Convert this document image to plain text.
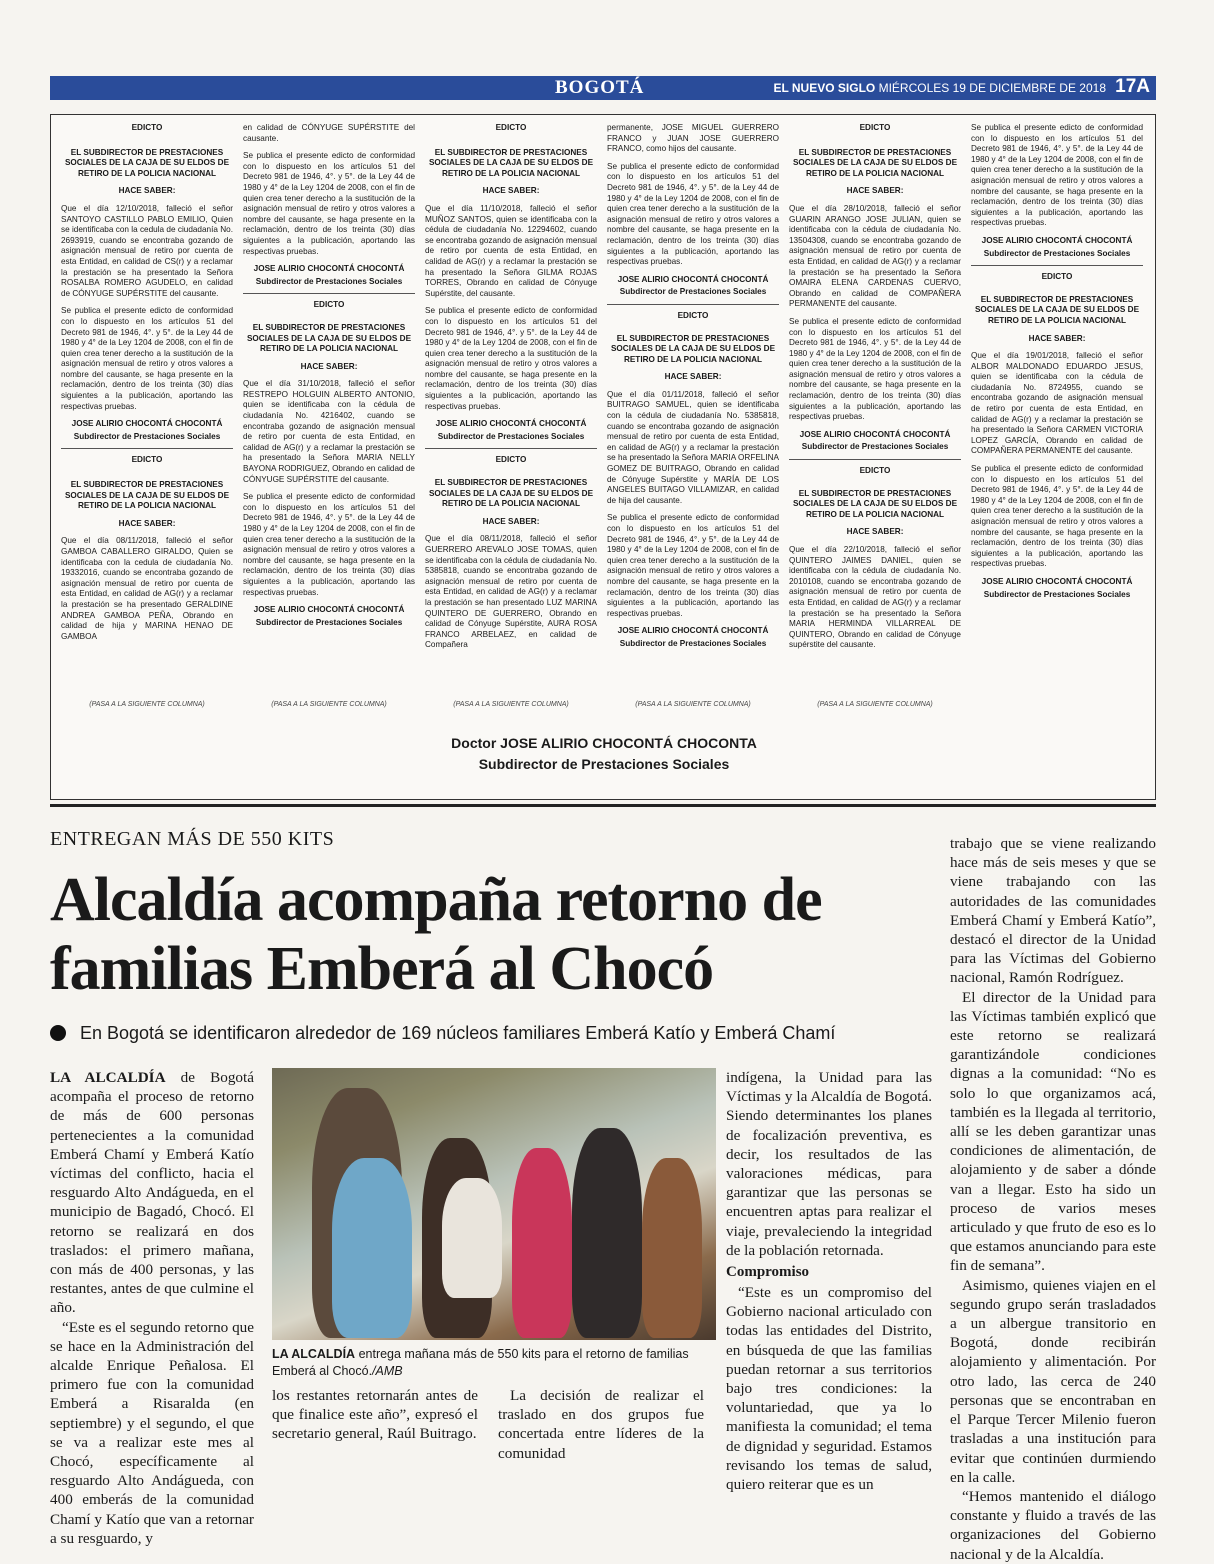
BOGOTÁ	EL NUEVO SIGLO MIÉRCOLES 19 DE DICIEMBRE DE 2018 17A
EDICTO

EL SUBDIRECTOR DE PRESTACIONES SOCIALES DE LA CAJA DE SU ELDOS DE RETIRO DE LA POLICIA NACIONAL

HACE SABER:

Que el día 12/10/2018, falleció el señor SANTOYO CASTILLO PABLO EMILIO, Quien se identificaba con la cedula de ciudadanía No. 2693919, cuando se encontraba gozando de asignación mensual de retiro por cuenta de esta Entidad, en calidad de CS(r) y a reclamar la prestación se ha presentado la Señora ROSALBA ROMERO AGUDELO, en calidad de CÓNYUGE SUPÉRSTITE del causante.

Se publica el presente edicto de conformidad con lo dispuesto en los artículos 51 del Decreto 981 de 1946, 4°. y 5°. de la Ley 44 de 1980 y 4° de la Ley 1204 de 2008, con el fin de quien crea tener derecho a la sustitución de la asignación mensual de retiro y otros valores a nombre del causante, se haga presente en la reclamación, dentro de los treinta (30) días siguientes a la publicación, aportando las respectivas pruebas.

JOSE ALIRIO CHOCONTÁ CHOCONTÁ
Subdirector de Prestaciones Sociales
EDICTO

EL SUBDIRECTOR DE PRESTACIONES SOCIALES DE LA CAJA DE SU ELDOS DE RETIRO DE LA POLICIA NACIONAL

HACE SABER:

Que el día 08/11/2018, falleció el señor GAMBOA CABALLERO GIRALDO, Quien se identificaba con la cedula de ciudadanía No. 19332016, cuando se encontraba gozando de asignación mensual de retiro por cuenta de esta Entidad, en calidad de AG(r) y a reclamar la prestación se ha presentado GERALDINE ANDREA GAMBOA PEÑA, Obrando en calidad de hija y MARINA HENAO DE GAMBOA

(PASA A LA SIGUIENTE COLUMNA)

en calidad de CÓNYUGE SUPÉRSTITE del causante.

Se publica el presente edicto de conformidad con lo dispuesto en los artículos 51 del Decreto 981 de 1946, 4°. y 5°. de la Ley 44 de 1980 y 4° de la Ley 1204 de 2008, con el fin de quien crea tener derecho a la sustitución de la asignación mensual de retiro y otros valores a nombre del causante, se haga presente en la reclamación, dentro de los treinta (30) días siguientes a la publicación, aportando las respectivas pruebas.

JOSE ALIRIO CHOCONTÁ CHOCONTÁ
Subdirector de Prestaciones Sociales
EDICTO

EL SUBDIRECTOR DE PRESTACIONES SOCIALES DE LA CAJA DE SU ELDOS DE RETIRO DE LA POLICIA NACIONAL

HACE SABER:

Que el día 31/10/2018, falleció el señor RESTREPO HOLGUIN ALBERTO ANTONIO, quien se identificaba con la cédula de ciudadanía No. 4216402, cuando se encontraba gozando de asignación mensual de retiro por cuenta de esta Entidad, en calidad de AG(r) y a reclamar la prestación se ha presentado la Señora MARIA NELLY BAYONA RODRIGUEZ, Obrando en calidad de CÓNYUGE SUPÉRSTITE del causante.

Se publica el presente edicto de conformidad con lo dispuesto en los artículos 51 del Decreto 981 de 1946, 4°. y 5°. de la Ley 44 de 1980 y 4° de la Ley 1204 de 2008, con el fin de quien crea tener derecho a la sustitución de la asignación mensual de retiro y otros valores a nombre del causante, se haga presente en la reclamación, dentro de los treinta (30) días siguientes a la publicación, aportando las respectivas pruebas.

JOSE ALIRIO CHOCONTÁ CHOCONTÁ
Subdirector de Prestaciones Sociales
(PASA A LA SIGUIENTE COLUMNA)
EDICTO

EL SUBDIRECTOR DE PRESTACIONES SOCIALES DE LA CAJA DE SU ELDOS DE RETIRO DE LA POLICIA NACIONAL

HACE SABER:

Que el día 11/10/2018, falleció el señor MUÑOZ SANTOS, quien se identificaba con la cédula de ciudadanía No. 12294602, cuando se encontraba gozando de asignación mensual de retiro por cuenta de esta Entidad, en calidad de AG(r) y a reclamar la prestación se ha presentado la Señora GILMA ROJAS TORRES, Obrando en calidad de Cónyuge Supérstite, del causante.

Se publica el presente edicto de conformidad con lo dispuesto en los artículos 51 del Decreto 981 de 1946, 4°. y 5°. de la Ley 44 de 1980 y 4° de la Ley 1204 de 2008, con el fin de quien crea tener derecho a la sustitución de la asignación mensual de retiro y otros valores a nombre del causante, se haga presente en la reclamación, dentro de los treinta (30) días siguientes a la publicación, aportando las respectivas pruebas.

JOSE ALIRIO CHOCONTÁ CHOCONTÁ
Subdirector de Prestaciones Sociales
EDICTO

EL SUBDIRECTOR DE PRESTACIONES SOCIALES DE LA CAJA DE SU ELDOS DE RETIRO DE LA POLICIA NACIONAL

HACE SABER:

Que el día 08/11/2018, falleció el señor GUERRERO AREVALO JOSE TOMAS, quien se identificaba con la cédula de ciudadanía No. 5385818, cuando se encontraba gozando de asignación mensual de retiro por cuenta de esta Entidad, en calidad de AG(r) y a reclamar la prestación se han presentado LUZ MARINA QUINTERO DE GUERRERO, Obrando en calidad de Cónyuge Supérstite, AURA ROSA FRANCO ARBELAEZ, en calidad de Compañera

(PASA A LA SIGUIENTE COLUMNA)

permanente, JOSE MIGUEL GUERRERO FRANCO y JUAN JOSE GUERRERO FRANCO, como hijos del causante.

Se publica el presente edicto de conformidad con lo dispuesto en los artículos 51 del Decreto 981 de 1946, 4°. y 5°. de la Ley 44 de 1980 y 4° de la Ley 1204 de 2008, con el fin de quien crea tener derecho a la sustitución de la asignación mensual de retiro y otros valores a nombre del causante, se haga presente en la reclamación, dentro de los treinta (30) días siguientes a la publicación, aportando las respectivas pruebas.

JOSE ALIRIO CHOCONTÁ CHOCONTÁ
Subdirector de Prestaciones Sociales
EDICTO

EL SUBDIRECTOR DE PRESTACIONES SOCIALES DE LA CAJA DE SU ELDOS DE RETIRO DE LA POLICIA NACIONAL

HACE SABER:

Que el día 01/11/2018, falleció el señor BUITRAGO SAMUEL, quien se identificaba con la cédula de ciudadanía No. 5385818, cuando se encontraba gozando de asignación mensual de retiro por cuenta de esta Entidad, en calidad de AG(r) y a reclamar la prestación se ha presentado la Señora MARIA ORFELINA GOMEZ DE BUITRAGO, Obrando en calidad de Cónyuge Supérstite y MARÍA DE LOS ANGELES BUITAGO VILLAMIZAR, en calidad de hija del causante.

Se publica el presente edicto de conformidad con lo dispuesto en los artículos 51 del Decreto 981 de 1946, 4°. y 5°. de la Ley 44 de 1980 y 4° de la Ley 1204 de 2008, con el fin de quien crea tener derecho a la sustitución de la asignación mensual de retiro y otros valores a nombre del causante, se haga presente en la reclamación, dentro de los treinta (30) días siguientes a la publicación, aportando las respectivas pruebas.

JOSE ALIRIO CHOCONTÁ CHOCONTÁ
Subdirector de Prestaciones Sociales
(PASA A LA SIGUIENTE COLUMNA)
EDICTO

EL SUBDIRECTOR DE PRESTACIONES SOCIALES DE LA CAJA DE SU ELDOS DE RETIRO DE LA POLICIA NACIONAL

HACE SABER:

Que el día 28/10/2018, falleció el señor GUARIN ARANGO JOSE JULIAN, quien se identificaba con la cédula de ciudadanía No. 13504308, cuando se encontraba gozando de asignación mensual de retiro por cuenta de esta Entidad, en calidad de AG(r) y a reclamar la prestación se ha presentado la Señora OMAIRA ELENA CARDENAS CUERVO, Obrando en calidad de COMPAÑERA PERMANENTE del causante.

Se publica el presente edicto de conformidad con lo dispuesto en los artículos 51 del Decreto 981 de 1946, 4°. y 5°. de la Ley 44 de 1980 y 4° de la Ley 1204 de 2008, con el fin de quien crea tener derecho a la sustitución de la asignación mensual de retiro y otros valores a nombre del causante, se haga presente en la reclamación, dentro de los treinta (30) días siguientes a la publicación, aportando las respectivas pruebas.

JOSE ALIRIO CHOCONTÁ CHOCONTÁ
Subdirector de Prestaciones Sociales
EDICTO

EL SUBDIRECTOR DE PRESTACIONES SOCIALES DE LA CAJA DE SU ELDOS DE RETIRO DE LA POLICIA NACIONAL

HACE SABER:

Que el día 22/10/2018, falleció el señor QUINTERO JAIMES DANIEL, quien se identificaba con la cédula de ciudadanía No. 2010108, cuando se encontraba gozando de asignación mensual de retiro por cuenta de esta Entidad, en calidad de AG(r) y a reclamar la prestación se ha presentado la Señora MARIA HERMINDA VILLARREAL DE QUINTERO, Obrando en calidad de Cónyuge supérstite del causante.

(PASA A LA SIGUIENTE COLUMNA)

Se publica el presente edicto de conformidad con lo dispuesto en los artículos 51 del Decreto 981 de 1946, 4°. y 5°. de la Ley 44 de 1980 y 4° de la Ley 1204 de 2008, con el fin de quien crea tener derecho a la sustitución de la asignación mensual de retiro y otros valores a nombre del causante, se haga presente en la reclamación, dentro de los treinta (30) días siguientes a la publicación, aportando las respectivas pruebas.

JOSE ALIRIO CHOCONTÁ CHOCONTÁ
Subdirector de Prestaciones Sociales
EDICTO

EL SUBDIRECTOR DE PRESTACIONES SOCIALES DE LA CAJA DE SU ELDOS DE RETIRO DE LA POLICIA NACIONAL

HACE SABER:

Que el día 19/01/2018, falleció el señor ALBOR MALDONADO EDUARDO JESUS, quien se identificaba con la cédula de ciudadanía No. 8724955, cuando se encontraba gozando de asignación mensual de retiro por cuenta de esta Entidad, en calidad de AG(r) y a reclamar la prestación se ha presentado la Señora CARMEN VICTORIA LOPEZ GARCÍA, Obrando en calidad de COMPAÑERA PERMANENTE del causante.

Se publica el presente edicto de conformidad con lo dispuesto en los artículos 51 del Decreto 981 de 1946, 4°. y 5°. de la Ley 44 de 1980 y 4° de la Ley 1204 de 2008, con el fin de quien crea tener derecho a la sustitución de la asignación mensual de retiro y otros valores a nombre del causante, se haga presente en la reclamación, dentro de los treinta (30) días siguientes a la publicación, aportando las respectivas pruebas.

JOSE ALIRIO CHOCONTÁ CHOCONTÁ
Subdirector de Prestaciones Sociales
Doctor JOSE ALIRIO CHOCONTÁ CHOCONTA
Subdirector de Prestaciones Sociales
ENTREGAN MÁS DE 550 KITS
Alcaldía acompaña retorno de familias Emberá al Chocó
En Bogotá se identificaron alrededor de 169 núcleos familiares Emberá Katío y Emberá Chamí

LA ALCALDÍA de Bogotá acompaña el proceso de retorno de más de 600 personas pertenecientes a la comunidad Emberá Chamí y Emberá Katío víctimas del conflicto, hacia el resguardo Alto Andágueda, en el municipio de Bagadó, Chocó. El retorno se realizará en dos traslados: el primero mañana, con más de 400 personas, y las restantes, antes de que culmine el año.

“Este es el segundo retorno que se hace en la Administración del alcalde Enrique Peñalosa. El primero fue con la comunidad Emberá a Risaralda (en septiembre) y el segundo, el que se va a realizar este mes al Chocó, específicamente al resguardo Alto Andágueda, con 400 emberás de la comunidad Chamí y Katío que van a retornar a su resguardo, y

LA ALCALDÍA entrega mañana más de 550 kits para el retorno de familias Emberá al Chocó./AMB

los restantes retornarán antes de que finalice este año”, expresó el secretario general, Raúl Buitrago.

La decisión de realizar el traslado en dos grupos fue concertada entre líderes de la comunidad

indígena, la Unidad para las Víctimas y la Alcaldía de Bogotá. Siendo determinantes los planes de focalización preventiva, es decir, los resultados de las valoraciones médicas, para garantizar que las personas se encuentren aptas para realizar el viaje, prevaleciendo la integridad de la población retornada.

Compromiso

“Este es un compromiso del Gobierno nacional articulado con todas las entidades del Distrito, en búsqueda de que las familias puedan retornar a sus territorios bajo tres condiciones: la voluntariedad, que ya lo manifiesta la comunidad; el tema de dignidad y seguridad. Estamos revisando los temas de salud, quiero reiterar que es un

trabajo que se viene realizando hace más de seis meses y que se viene trabajando con las autoridades de las comunidades Emberá Chamí y Emberá Katío”, destacó el director de la Unidad para las Víctimas del Gobierno nacional, Ramón Rodríguez.

El director de la Unidad para las Víctimas también explicó que este retorno se realizará garantizándole condiciones dignas a la comunidad: “No es solo lo que organizamos acá, también es la llegada al territorio, allí se les deben garantizar unas condiciones de alimentación, de alojamiento y de saber a dónde van a llegar. Esto ha sido un proceso de varios meses articulado y que fruto de eso es lo que estamos anunciando para este fin de semana”.

Asimismo, quienes viajen en el segundo grupo serán trasladados a un albergue transitorio en Bogotá, donde recibirán alojamiento y alimentación. Por otro lado, las cerca de 240 personas que se encontraban en el Parque Tercer Milenio fueron trasladas a una institución para evitar que continúen durmiendo en la calle.

“Hemos mantenido el diálogo constante y fluido a través de las organizaciones del Gobierno nacional y de la Alcaldía.
